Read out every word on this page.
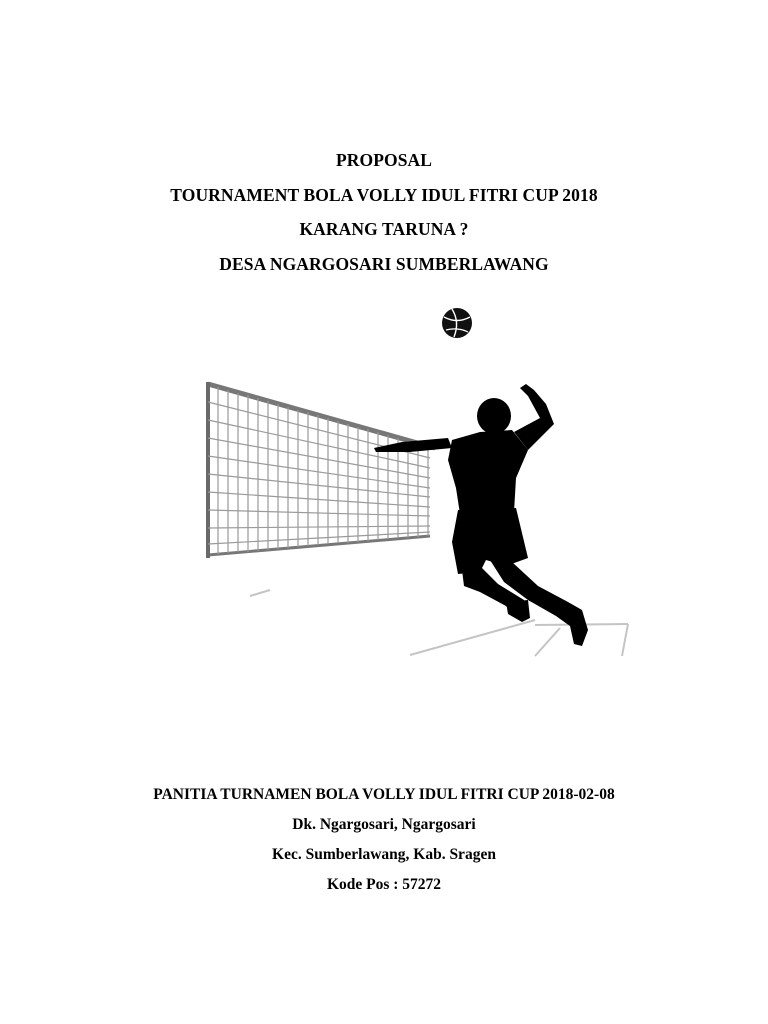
PROPOSAL
TOURNAMENT BOLA VOLLY IDUL FITRI CUP 2018
KARANG TARUNA ?
DESA NGARGOSARI SUMBERLAWANG
PANITIA TURNAMEN BOLA VOLLY IDUL FITRI CUP 2018-02-08
Dk. Ngargosari, Ngargosari
Kec. Sumberlawang, Kab. Sragen
Kode Pos : 57272
